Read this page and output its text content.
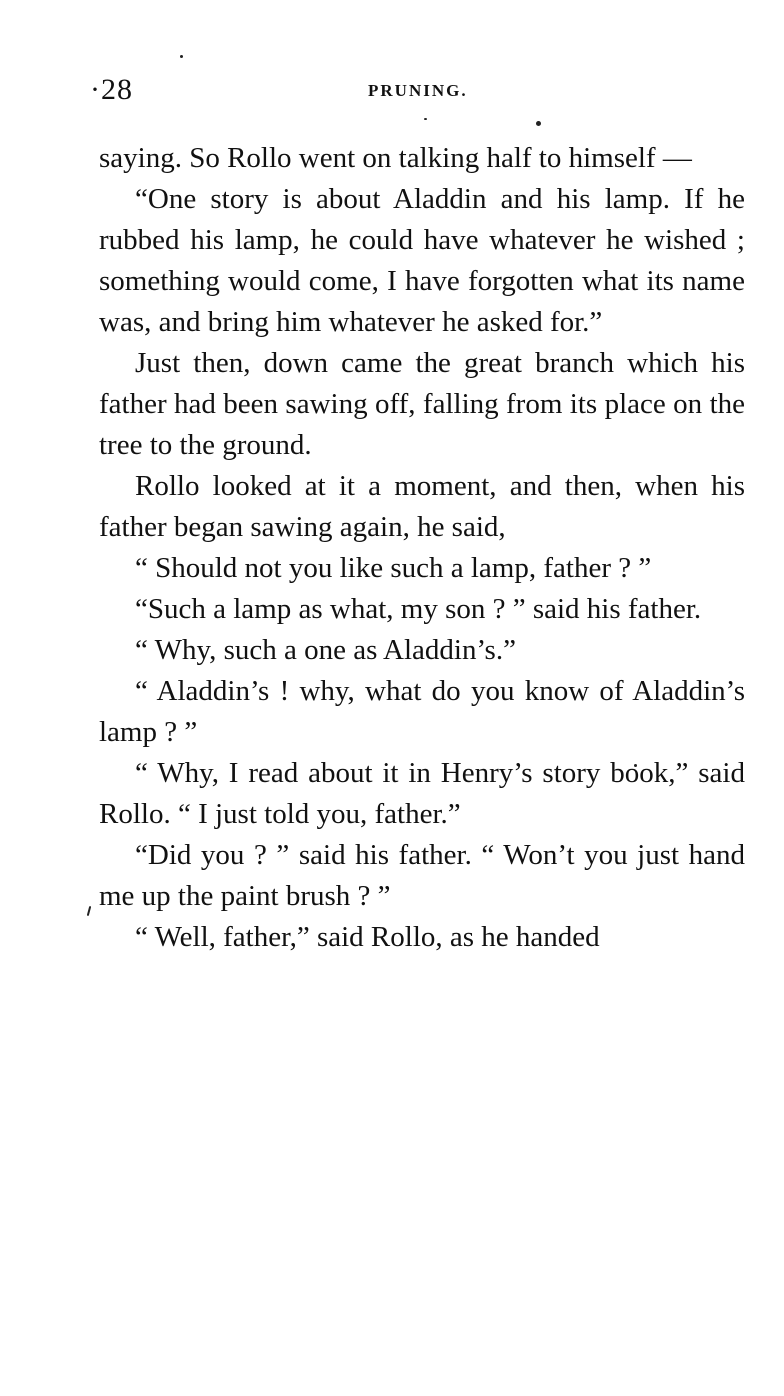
·28	PRUNING.

saying. So Rollo went on talking half to himself —

“One story is about Aladdin and his lamp. If he rubbed his lamp, he could have whatever he wished ; something would come, I have forgotten what its name was, and bring him whatever he asked for.”

Just then, down came the great branch which his father had been sawing off, falling from its place on the tree to the ground.

Rollo looked at it a moment, and then, when his father began sawing again, he said,

“ Should not you like such a lamp, father ? ”

“Such a lamp as what, my son ? ” said his father.

“ Why, such a one as Aladdin’s.”

“ Aladdin’s ! why, what do you know of Aladdin’s lamp ? ”

“ Why, I read about it in Henry’s story book,” said Rollo. “ I just told you, father.”

“Did you ? ” said his father. “ Won’t you just hand me up the paint brush ? ”

“ Well, father,” said Rollo, as he handed
